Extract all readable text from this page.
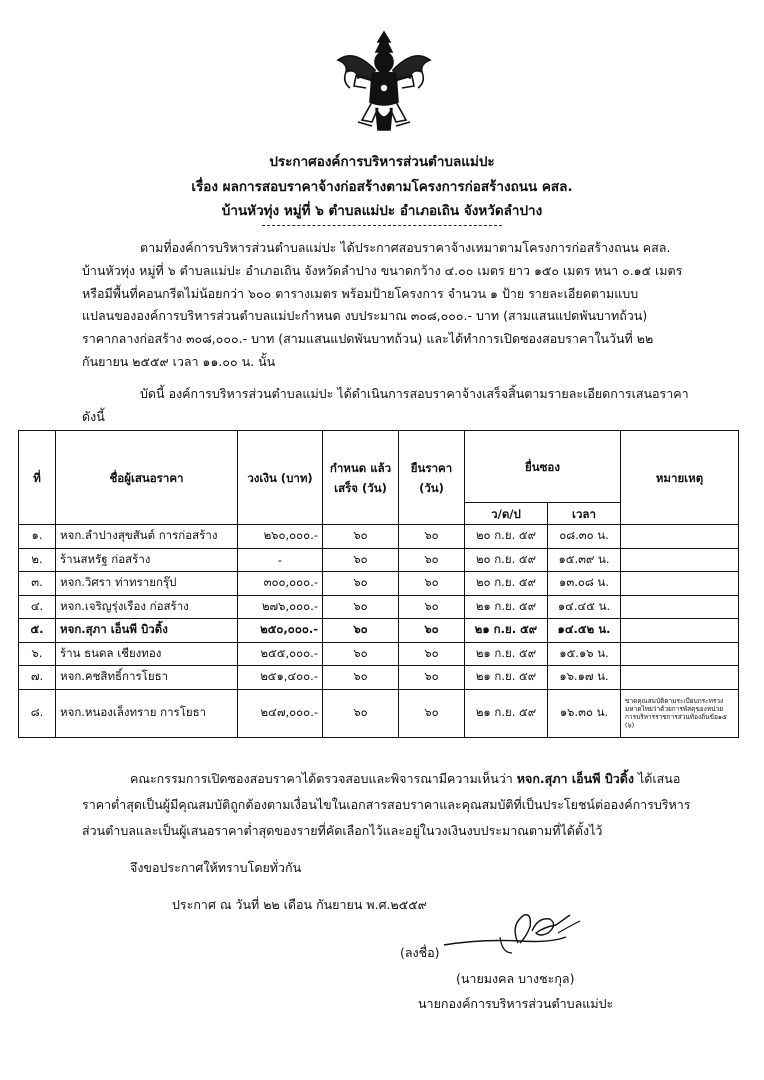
ประกาศองค์การบริหารส่วนตำบลแม่ปะ
เรื่อง ผลการสอบราคาจ้างก่อสร้างตามโครงการก่อสร้างถนน คสล.
บ้านหัวทุ่ง หมู่ที่ ๖ ตำบลแม่ปะ อำเภอเถิน จังหวัดลำปาง
ตามที่องค์การบริหารส่วนตำบลแม่ปะ ได้ประกาศสอบราคาจ้างเหมาตามโครงการก่อสร้างถนน คสล.
บ้านหัวทุ่ง หมู่ที่ ๖ ตำบลแม่ปะ อำเภอเถิน จังหวัดลำปาง ขนาดกว้าง ๔.๐๐ เมตร ยาว ๑๕๐ เมตร หนา ๐.๑๕ เมตร
หรือมีพื้นที่คอนกรีตไม่น้อยกว่า ๖๐๐ ตารางเมตร พร้อมป้ายโครงการ จำนวน ๑ ป้าย รายละเอียดตามแบบ
แปลนขององค์การบริหารส่วนตำบลแม่ปะกำหนด งบประมาณ ๓๐๘,๐๐๐.- บาท (สามแสนแปดพันบาทถ้วน)
ราคากลางก่อสร้าง ๓๐๘,๐๐๐.- บาท (สามแสนแปดพันบาทถ้วน) และได้ทำการเปิดซองสอบราคาในวันที่ ๒๒
กันยายน ๒๕๕๙ เวลา ๑๑.๐๐ น. นั้น
บัดนี้ องค์การบริหารส่วนตำบลแม่ปะ ได้ดำเนินการสอบราคาจ้างเสร็จสิ้นตามรายละเอียดการเสนอราคา
ดังนี้
ที่	ชื่อผู้เสนอราคา	วงเงิน (บาท)	กำหนด แล้วเสร็จ (วัน)	ยืนราคา (วัน)	ยื่นซอง		หมายเหตุ
					ว/ด/ป	เวลา	
๑.	หจก.ลำปางสุขสันต์ การก่อสร้าง	๒๖๐,๐๐๐.-	๖๐	๖๐	๒๐ ก.ย. ๕๙	๐๘.๓๐ น.	
๒.	ร้านสหรัฐ ก่อสร้าง	-	๖๐	๖๐	๒๐ ก.ย. ๕๙	๑๕.๓๙ น.	
๓.	หจก.วิศรา ท่าทรายกรุ๊ป	๓๐๐,๐๐๐.-	๖๐	๖๐	๒๐ ก.ย. ๕๙	๑๓.๐๘ น.	
๔.	หจก.เจริญรุ่งเรือง ก่อสร้าง	๒๗๖,๐๐๐.-	๖๐	๖๐	๒๑ ก.ย. ๕๙	๑๔.๔๕ น.	
๕.	หจก.สุภา เอ็นพี บิวดิ้ง	๒๕๐,๐๐๐.-	๖๐	๖๐	๒๑ ก.ย. ๕๙	๑๔.๕๒ น.	
๖.	ร้าน ธนดล เชียงทอง	๒๕๕,๐๐๐.-	๖๐	๖๐	๒๑ ก.ย. ๕๙	๑๕.๑๖ น.	
๗.	หจก.คชสิทธิ์การโยธา	๒๕๑,๔๐๐.-	๖๐	๖๐	๒๑ ก.ย. ๕๙	๑๖.๑๗ น.	
๘.	หจก.หนองเล็งทราย การโยธา	๒๔๗,๐๐๐.-	๖๐	๖๐	๒๑ ก.ย. ๕๙	๑๖.๓๐ น.	ขาดคุณสมบัติตามระเบียบกระทรวงมหาดไทยว่าด้วยการพัสดุของหน่วยการบริหารราชการส่วนท้องถิ่นข้อ๑๕ (๖)
คณะกรรมการเปิดซองสอบราคาได้ตรวจสอบและพิจารณามีความเห็นว่า หจก.สุภา เอ็นพี บิวดิ้ง ได้เสนอ
ราคาต่ำสุดเป็นผู้มีคุณสมบัติถูกต้องตามเงื่อนไขในเอกสารสอบราคาและคุณสมบัติที่เป็นประโยชน์ต่อองค์การบริหาร
ส่วนตำบลและเป็นผู้เสนอราคาต่ำสุดของรายที่คัดเลือกไว้และอยู่ในวงเงินงบประมาณตามที่ได้ตั้งไว้
จึงขอประกาศให้ทราบโดยทั่วกัน
ประกาศ ณ วันที่ ๒๒ เดือน กันยายน พ.ศ.๒๕๕๙
(ลงชื่อ)
(นายมงคล บางชะกุล)
นายกองค์การบริหารส่วนตำบลแม่ปะ
